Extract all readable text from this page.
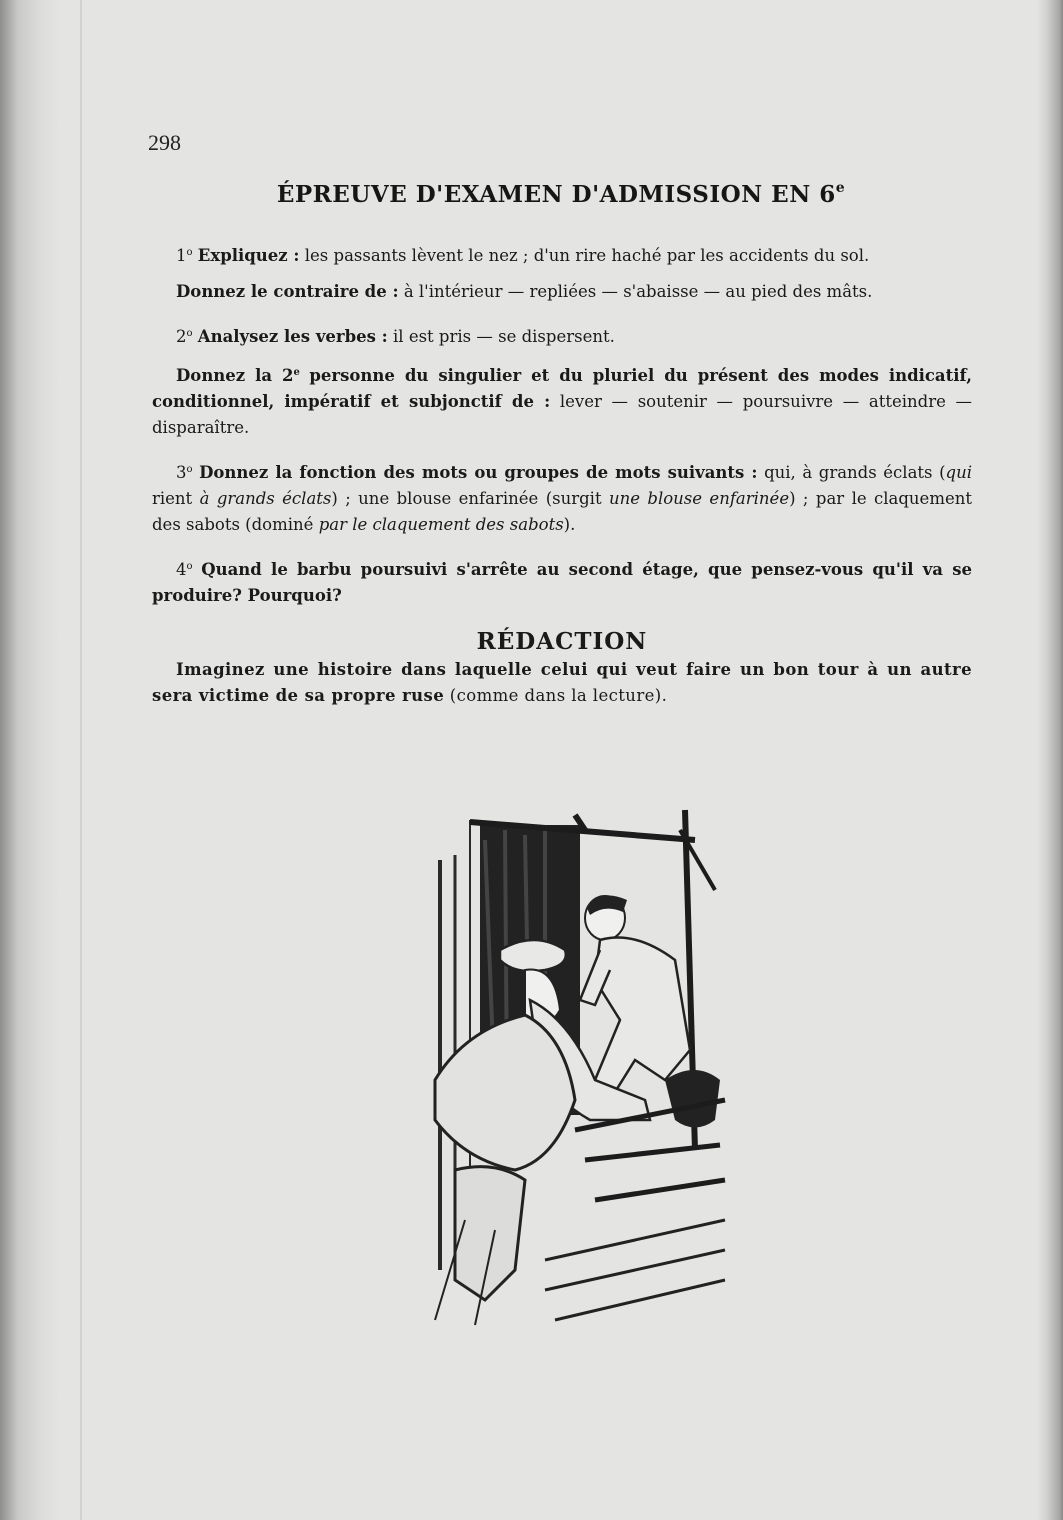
298
ÉPREUVE D'EXAMEN D'ADMISSION EN 6e

1$^o$ Expliquez : les passants lèvent le nez ; d'un rire haché par les accidents du sol.

Donnez le contraire de : à l'intérieur — repliées — s'abaisse — au pied des mâts.

2$^o$ Analysez les verbes : il est pris — se dispersent.

Donnez la 2e personne du singulier et du pluriel du présent des modes indicatif, conditionnel, impératif et subjonctif de : lever — soutenir — poursuivre — atteindre — disparaître.

3$^o$ Donnez la fonction des mots ou groupes de mots suivants : qui, à grands éclats (qui rient à grands éclats) ; une blouse enfarinée (surgit une blouse enfarinée) ; par le claquement des sabots (dominé par le claquement des sabots).

4$^o$ Quand le barbu poursuivi s'arrête au second étage, que pensez-vous qu'il va se produire? Pourquoi?

RÉDACTION

Imaginez une histoire dans laquelle celui qui veut faire un bon tour à un autre sera victime de sa propre ruse (comme dans la lecture).
